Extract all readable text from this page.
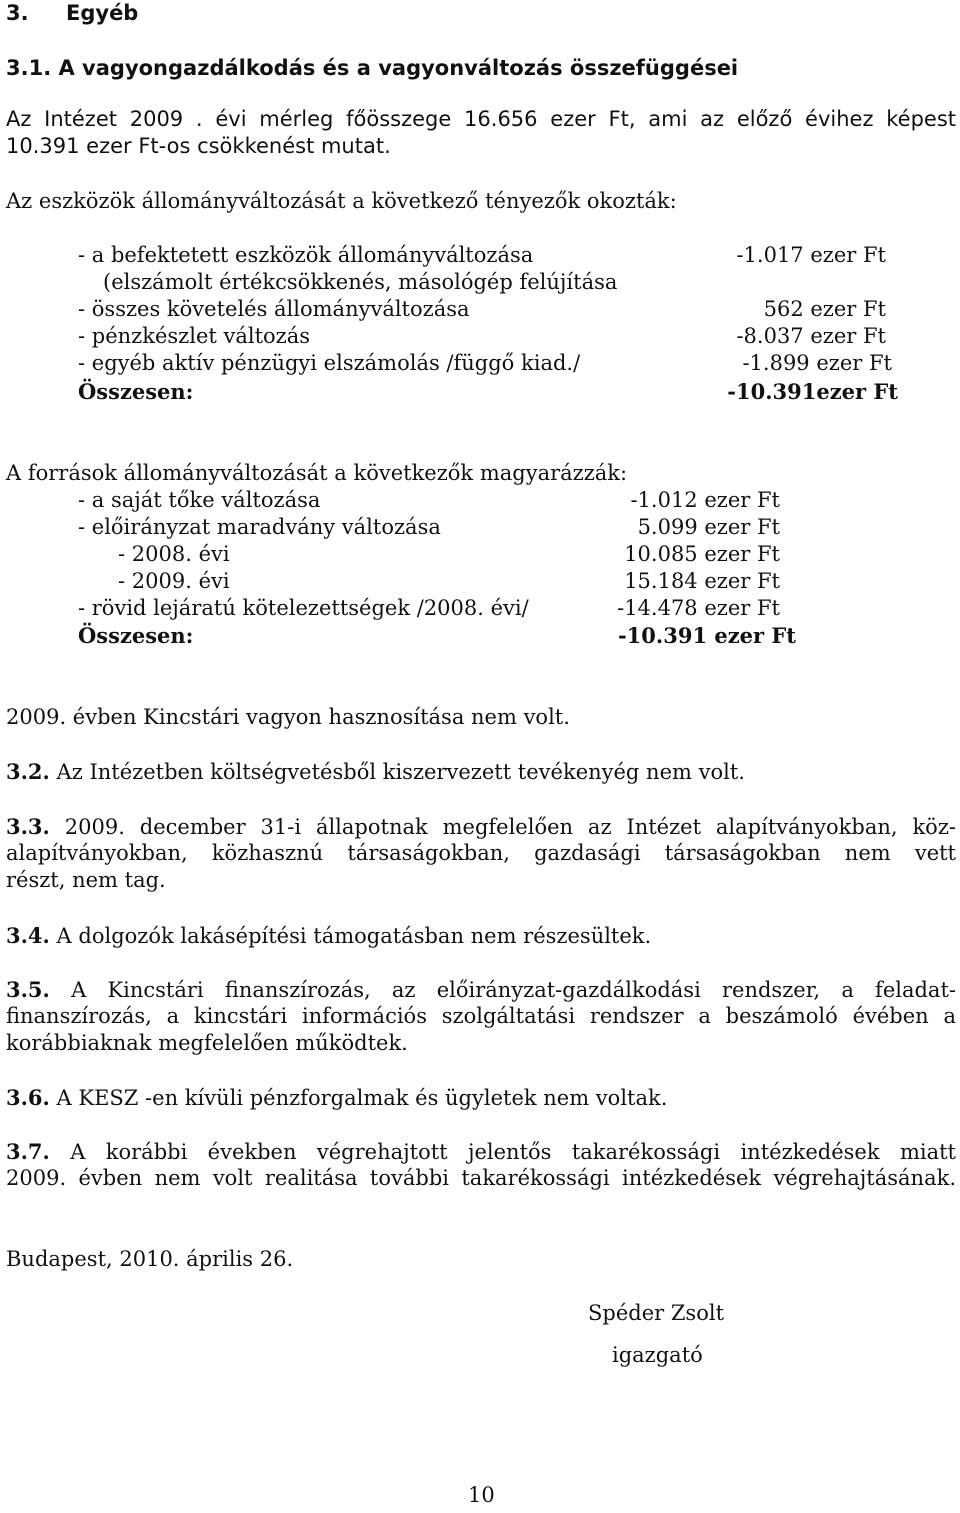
3. Egyéb
3.1. A vagyongazdálkodás és a vagyonváltozás összefüggései
Az Intézet 2009 . évi mérleg főösszege 16.656 ezer Ft, ami az előző évihez képest
10.391 ezer Ft-os csökkenést mutat.
Az eszközök állományváltozását a következő tényezők okozták:
- a befektetett eszközök állományváltozása	-1.017 ezer Ft
(elszámolt értékcsökkenés, másológép felújítása
- összes követelés állományváltozása	562 ezer Ft
- pénzkészlet változás	-8.037 ezer Ft
- egyéb aktív pénzügyi elszámolás /függő kiad./	-1.899 ezer Ft
Összesen:	-10.391ezer Ft
A források állományváltozását a következők magyarázzák:
- a saját tőke változása	-1.012 ezer Ft
- előirányzat maradvány változása	5.099 ezer Ft
- 2008. évi	10.085 ezer Ft
- 2009. évi	15.184 ezer Ft
- rövid lejáratú kötelezettségek /2008. évi/	-14.478 ezer Ft
Összesen:	-10.391 ezer Ft
2009. évben Kincstári vagyon hasznosítása nem volt.
3.2. Az Intézetben költségvetésből kiszervezett tevékenyég nem volt.
3.3. 2009. december 31-i állapotnak megfelelően az Intézet alapítványokban, köz-
alapítványokban, közhasznú társaságokban, gazdasági társaságokban nem vett
részt, nem tag.
3.4. A dolgozók lakásépítési támogatásban nem részesültek.
3.5. A Kincstári finanszírozás, az előirányzat-gazdálkodási rendszer, a feladat-
finanszírozás, a kincstári információs szolgáltatási rendszer a beszámoló évében a
korábbiaknak megfelelően működtek.
3.6. A KESZ -en kívüli pénzforgalmak és ügyletek nem voltak.
3.7. A korábbi években végrehajtott jelentős takarékossági intézkedések miatt
2009. évben nem volt realitása további takarékossági intézkedések végrehajtásának.
Budapest, 2010. április 26.
Spéder Zsolt
igazgató
10
